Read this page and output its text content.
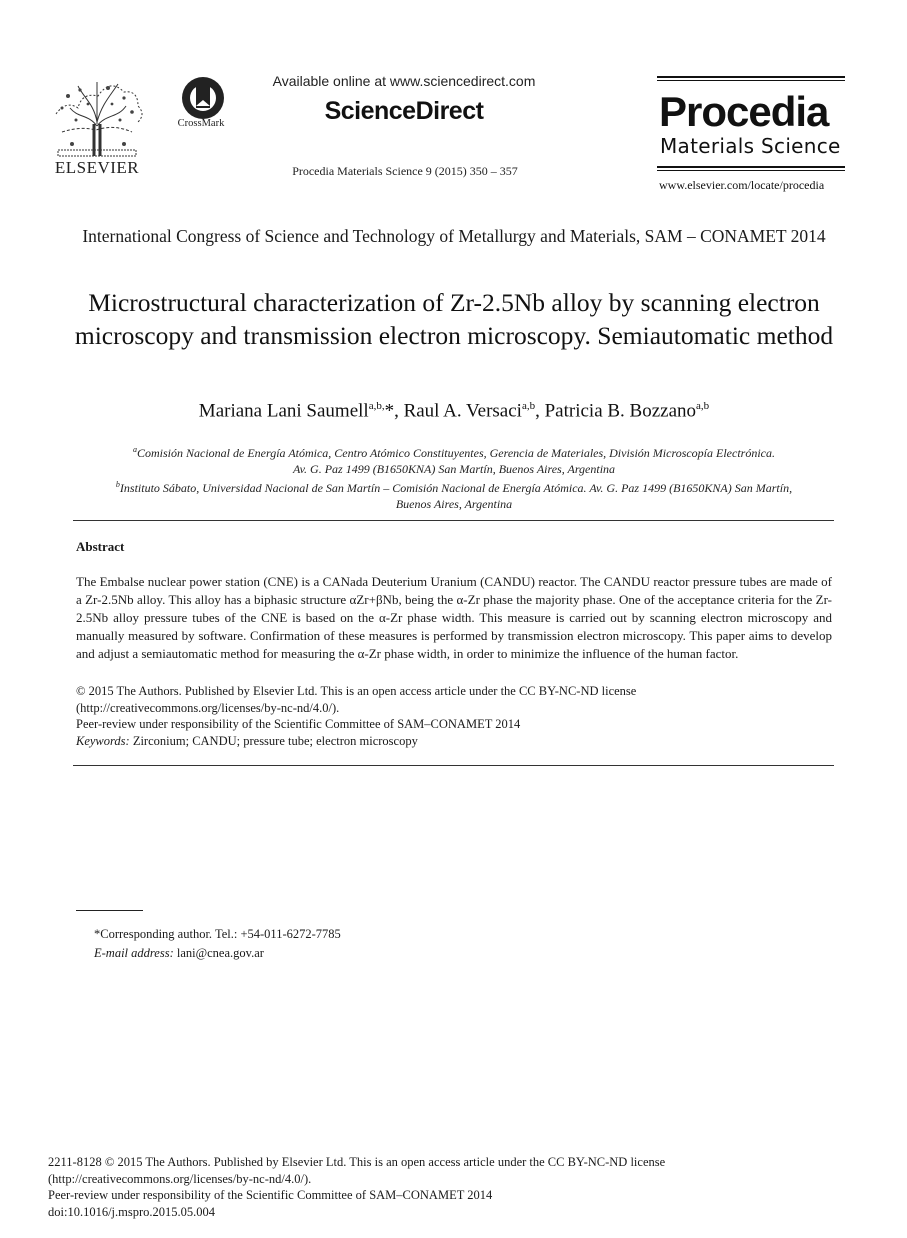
ELSEVIER
CrossMark
Available online at www.sciencedirect.com
ScienceDirect
Procedia Materials Science 9 (2015) 350 – 357
Procedia
Materials Science
www.elsevier.com/locate/procedia
International Congress of Science and Technology of Metallurgy and Materials, SAM – CONAMET 2014
Microstructural characterization of Zr-2.5Nb alloy by scanning electron microscopy and transmission electron microscopy. Semiautomatic method
Mariana Lani Saumell$^{a,b,}$*, Raul A. Versaci$^{a,b}$, Patricia B. Bozzano$^{a,b}$
$^a$Comisión Nacional de Energía Atómica, Centro Atómico Constituyentes, Gerencia de Materiales, División Microscopía Electrónica.
Av. G. Paz 1499 (B1650KNA) San Martín, Buenos Aires, Argentina
$^b$Instituto Sábato, Universidad Nacional de San Martín – Comisión Nacional de Energía Atómica. Av. G. Paz 1499 (B1650KNA) San Martín,
Buenos Aires, Argentina
Abstract
The Embalse nuclear power station (CNE) is a CANada Deuterium Uranium (CANDU) reactor. The CANDU reactor pressure tubes are made of a Zr-2.5Nb alloy. This alloy has a biphasic structure αZr+βNb, being the α-Zr phase the majority phase. One of the acceptance criteria for the Zr-2.5Nb alloy pressure tubes of the CNE is based on the α-Zr phase width. This measure is carried out by scanning electron microscopy and manually measured by software. Confirmation of these measures is performed by transmission electron microscopy. This paper aims to develop and adjust a semiautomatic method for measuring the α-Zr phase width, in order to minimize the influence of the human factor.
© 2015 The Authors. Published by Elsevier Ltd. This is an open access article under the CC BY-NC-ND license
(http://creativecommons.org/licenses/by-nc-nd/4.0/).
Peer-review under responsibility of the Scientific Committee of SAM–CONAMET 2014
Keywords: Zirconium; CANDU; pressure tube; electron microscopy
*Corresponding author. Tel.: +54-011-6272-7785
E-mail address: lani@cnea.gov.ar
2211-8128 © 2015 The Authors. Published by Elsevier Ltd. This is an open access article under the CC BY-NC-ND license
(http://creativecommons.org/licenses/by-nc-nd/4.0/).
Peer-review under responsibility of the Scientific Committee of SAM–CONAMET 2014
doi:10.1016/j.mspro.2015.05.004
